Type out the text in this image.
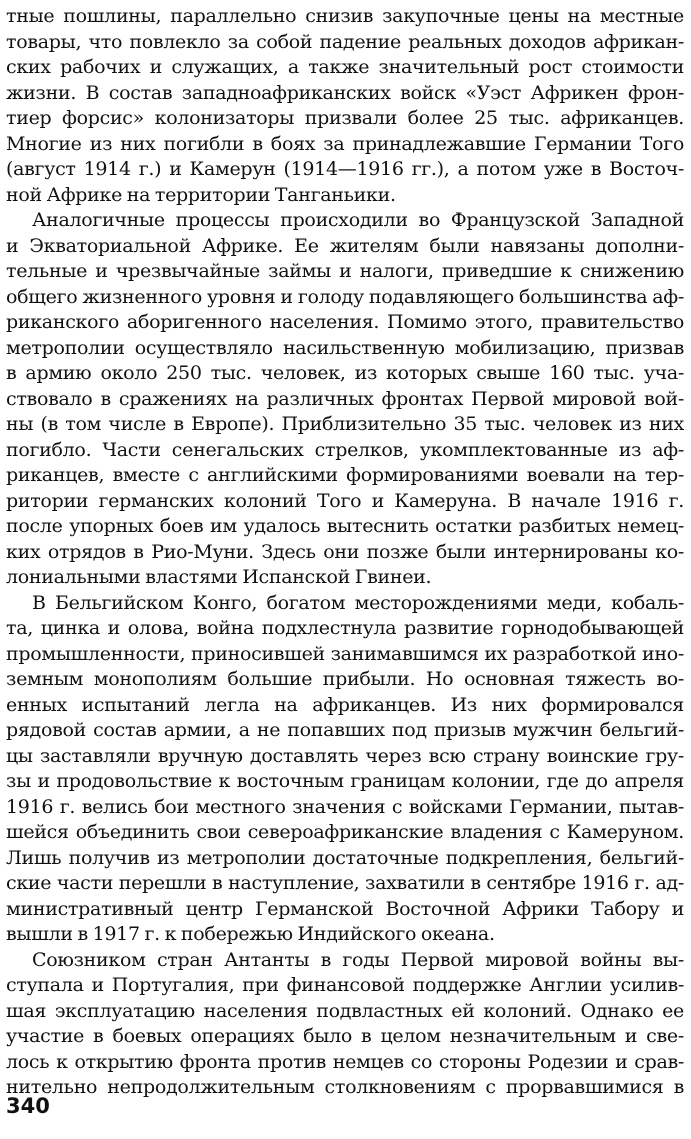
тные пошлины, параллельно снизив закупочные цены на местные
товары, что повлекло за собой падение реальных доходов африкан-
ских рабочих и служащих, а также значительный рост стоимости
жизни. В состав западноафриканских войск «Уэст Африкен фрон-
тиер форсис» колонизаторы призвали более 25 тыс. африканцев.
Многие из них погибли в боях за принадлежавшие Германии Того
(август 1914 г.) и Камерун (1914—1916 гг.), а потом уже в Восточ-
ной Африке на территории Танганьики.
Аналогичные процессы происходили во Французской Западной
и Экваториальной Африке. Ее жителям были навязаны дополни-
тельные и чрезвычайные займы и налоги, приведшие к снижению
общего жизненного уровня и голоду подавляющего большинства аф-
риканского аборигенного населения. Помимо этого, правительство
метрополии осуществляло насильственную мобилизацию, призвав
в армию около 250 тыс. человек, из которых свыше 160 тыс. уча-
ствовало в сражениях на различных фронтах Первой мировой вой-
ны (в том числе в Европе). Приблизительно 35 тыс. человек из них
погибло. Части сенегальских стрелков, укомплектованные из аф-
риканцев, вместе с английскими формированиями воевали на тер-
ритории германских колоний Того и Камеруна. В начале 1916 г.
после упорных боев им удалось вытеснить остатки разбитых немец-
ких отрядов в Рио-Муни. Здесь они позже были интернированы ко-
лониальными властями Испанской Гвинеи.
В Бельгийском Конго, богатом месторождениями меди, кобаль-
та, цинка и олова, война подхлестнула развитие горнодобывающей
промышленности, приносившей занимавшимся их разработкой ино-
земным монополиям большие прибыли. Но основная тяжесть во-
енных испытаний легла на африканцев. Из них формировался
рядовой состав армии, а не попавших под призыв мужчин бельгий-
цы заставляли вручную доставлять через всю страну воинские гру-
зы и продовольствие к восточным границам колонии, где до апреля
1916 г. велись бои местного значения с войсками Германии, пытав-
шейся объединить свои североафриканские владения с Камеруном.
Лишь получив из метрополии достаточные подкрепления, бельгий-
ские части перешли в наступление, захватили в сентябре 1916 г. ад-
министративный центр Германской Восточной Африки Табору и
вышли в 1917 г. к побережью Индийского океана.
Союзником стран Антанты в годы Первой мировой войны вы-
ступала и Португалия, при финансовой поддержке Англии усилив-
шая эксплуатацию населения подвластных ей колоний. Однако ее
участие в боевых операциях было в целом незначительным и све-
лось к открытию фронта против немцев со стороны Родезии и срав-
нительно непродолжительным столкновениям с прорвавшимися в
340
